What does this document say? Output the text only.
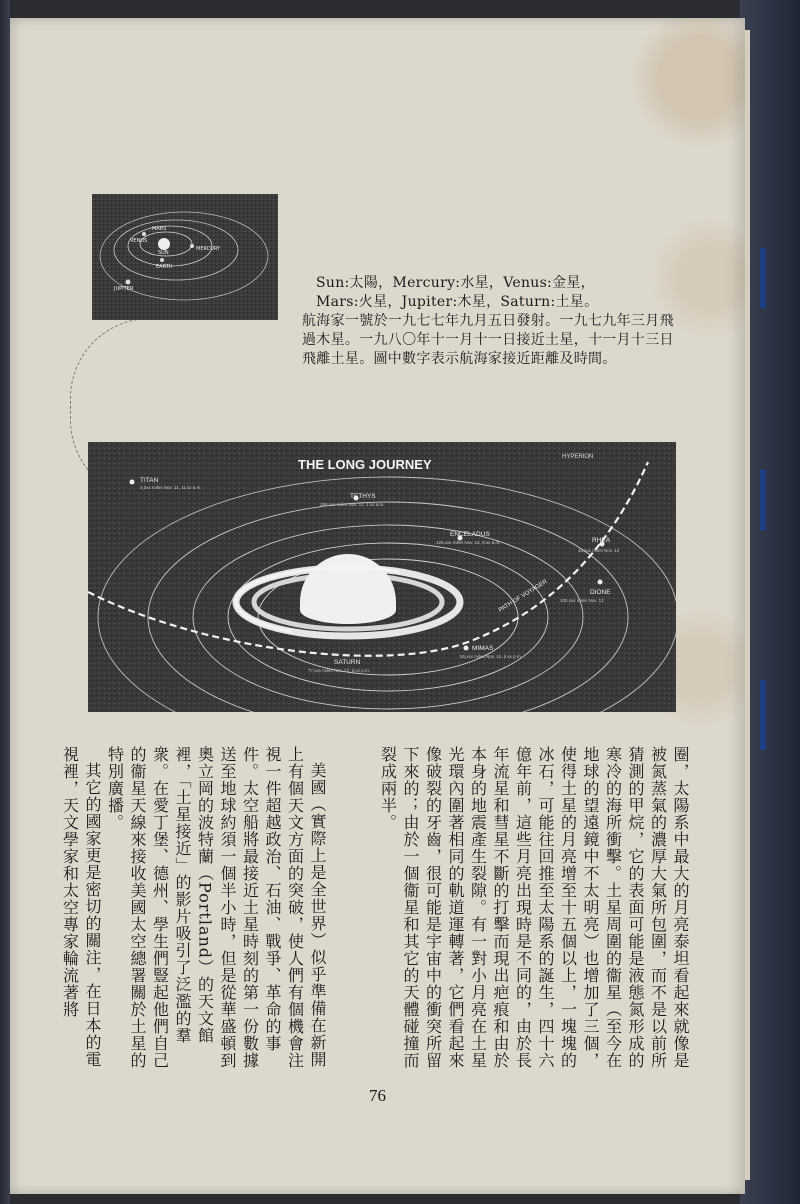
MARS
VENUS
SUN
MERCURY
EARTH
JUPITER	Sun:太陽，Mercury:水星，Venus:金星，
Mars:火星，Jupiter:木星，Saturn:土星。
航海家一號於一九七七年九月五日發射。一九七九年三月飛過木星。一九八〇年十一月十一日接近土星，十一月十三日飛離土星。圖中數字表示航海家接近距離及時間。
THE LONG JOURNEY
TITAN
4,0xx miles Nov. 11, 11:xx a.m.
TETHYS
258,xxx miles Nov. 12, 1:xx a.m.
ENCELADUS
125,xxx miles Nov. 12, 8:xx a.m.	RHEA
45,xxx miles Nov. 12
DIONE
100,xxx miles Nov. 12
MIMAS
55,xxx miles Nov. 12, 6:xx p.m.
SATURN
77,xxx miles Nov. 12, 6:xx p.m.
HYPERION
PATH OF VOYAGER

圈，太陽系中最大的月亮泰坦看起來就像是被氮蒸氣的濃厚大氣所包圍，而不是以前所猜測的甲烷，它的表面可能是液態氮形成的寒冷的海所衝擊。土星周圍的衞星（至今在地球的望遠鏡中不太明亮）也增加了三個，使得土星的月亮增至十五個以上，一塊塊的冰石，可能往回推至太陽系的誕生，四十六億年前，這些月亮出現時是不同的，由於長年流星和彗星不斷的打擊而現出疤痕和由於本身的地震產生裂隙。有一對小月亮在土星光環內圍著相同的軌道運轉著，它們看起來像破裂的牙齒，很可能是宇宙中的衝突所留下來的；由於一個衞星和其它的天體碰撞而裂成兩半。

美國（實際上是全世界）似乎準備在新開上有個天文方面的突破，使人們有個機會注視一件超越政治、石油、戰爭、革命的事件。太空船將最接近土星時刻的第一份數據送至地球約須一個半小時，但是從華盛頓到奧立岡的波特蘭（Portland）的天文館裡，「土星接近」的影片吸引了泛濫的羣衆。在愛丁堡、德州、學生們豎起他們自己的衞星天線來接收美國太空總署關於土星的特別廣播。

其它的國家更是密切的關注，在日本的電視裡，天文學家和太空專家輪流著將

76
